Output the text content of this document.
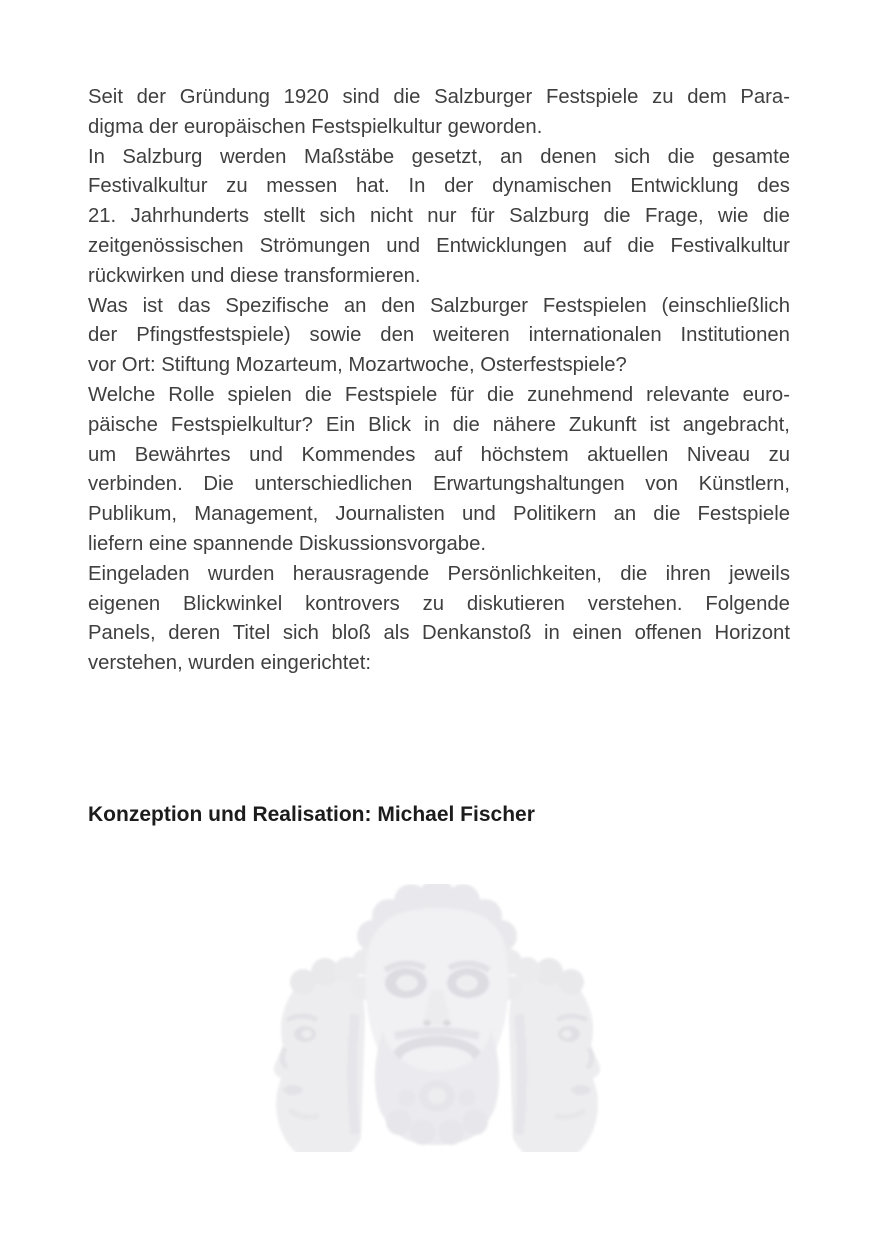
Seit der Gründung 1920 sind die Salzburger Festspiele zu dem Para-
digma der europäischen Festspielkultur geworden.
In Salzburg werden Maßstäbe gesetzt, an denen sich die gesamte
Festivalkultur zu messen hat. In der dynamischen Entwicklung des
21. Jahrhunderts stellt sich nicht nur für Salzburg die Frage, wie die
zeitgenössischen Strömungen und Entwicklungen auf die Festivalkultur
rückwirken und diese transformieren.
Was ist das Spezifische an den Salzburger Festspielen (einschließlich
der Pfingstfestspiele) sowie den weiteren internationalen Institutionen
vor Ort: Stiftung Mozarteum, Mozartwoche, Osterfestspiele?
Welche Rolle spielen die Festspiele für die zunehmend relevante euro-
päische Festspielkultur? Ein Blick in die nähere Zukunft ist angebracht,
um Bewährtes und Kommendes auf höchstem aktuellen Niveau zu
verbinden. Die unterschiedlichen Erwartungshaltungen von Künstlern,
Publikum, Management, Journalisten und Politikern an die Festspiele
liefern eine spannende Diskussionsvorgabe.
Eingeladen wurden herausragende Persönlichkeiten, die ihren jeweils
eigenen Blickwinkel kontrovers zu diskutieren verstehen. Folgende
Panels, deren Titel sich bloß als Denkanstoß in einen offenen Horizont
verstehen, wurden eingerichtet:
Konzeption und Realisation: Michael Fischer
